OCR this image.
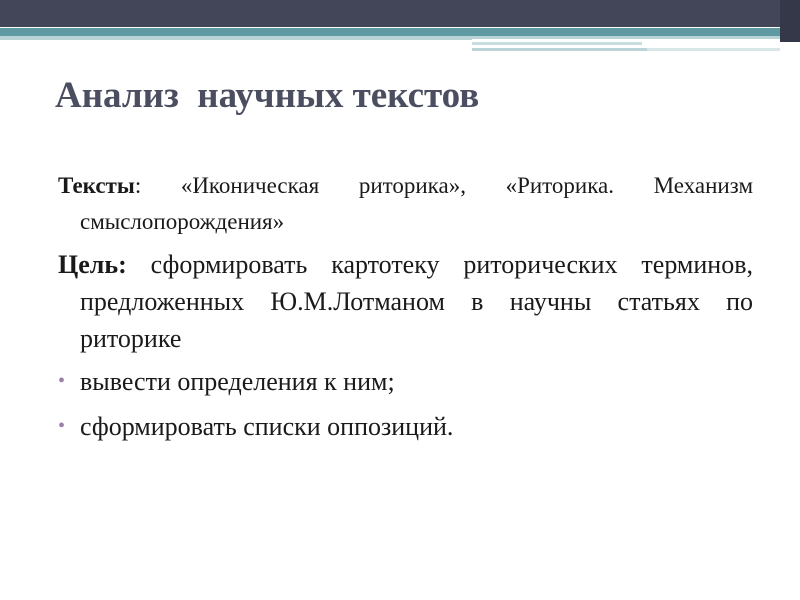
Анализ  научных текстов
Тексты: «Иконическая риторика», «Риторика. Механизм смыслопорождения»
Цель: сформировать картотеку риторических терминов, предложенных Ю.М.Лотманом в научны статьях по риторике
• вывести определения к ним;
• сформировать списки оппозиций.
